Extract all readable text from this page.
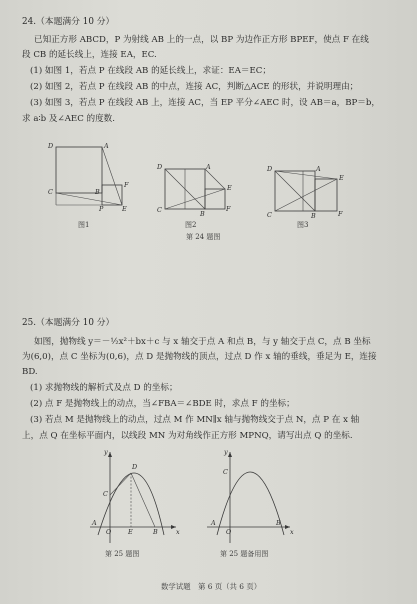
24.（本题满分 10 分）
已知正方形 ABCD，P 为射线 AB 上的一点，以 BP 为边作正方形 BPEF，使点 F 在线
段 CB 的延长线上，连接 EA，EC.
(1) 如图 1，若点 P 在线段 AB 的延长线上，求证：EA＝EC；
(2) 如图 2，若点 P 在线段 AB 的中点，连接 AC，判断△ACE 的形状，并说明理由；
(3) 如图 3，若点 P 在线段 AB 上，连接 AC，当 EP 平分∠AEC 时，设 AB＝a，BP＝b，
求 a∶b 及∠AEC 的度数.
D	A
C	B
F
P	E
D	A
E
C	B
F
D	A
E
C	B	F
图1	图2	图3
第 24 题图
25.（本题满分 10 分）
如图，抛物线 y＝－½x²＋bx＋c 与 x 轴交于点 A 和点 B，与 y 轴交于点 C，点 B 坐标
为(6,0)，点 C 坐标为(0,6)，点 D 是抛物线的顶点，过点 D 作 x 轴的垂线，垂足为 E，连接
BD.
(1) 求抛物线的解析式及点 D 的坐标；
(2) 点 F 是抛物线上的动点，当∠FBA＝∠BDE 时，求点 F 的坐标；
(3) 若点 M 是抛物线上的动点，过点 M 作 MN∥x 轴与抛物线交于点 N，点 P 在 x 轴
上，点 Q 在坐标平面内，以线段 MN 为对角线作正方形 MPNQ，请写出点 Q 的坐标.
y
D
C
A
O	E	B	x
y
C
A
O
B
x
第 25 题图	第 25 题备用图
数学试题　第 6 页（共 6 页）
